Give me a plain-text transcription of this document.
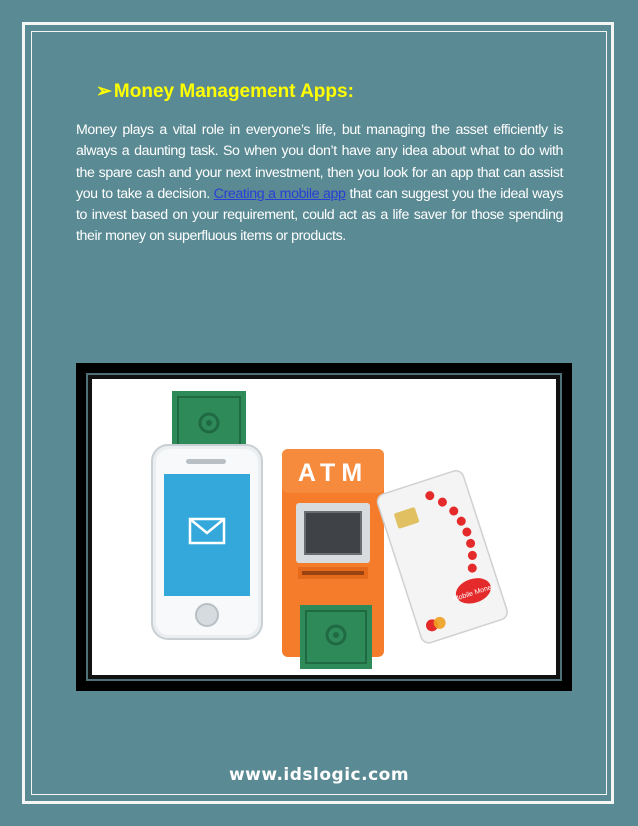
➢ Money Management Apps:
Money plays a vital role in everyone’s life, but managing the asset efficiently is always a daunting task. So when you don’t have any idea about what to do with the spare cash and your next investment, then you look for an app that can assist you to take a decision. Creating a mobile app that can suggest you the ideal ways to invest based on your requirement, could act as a life saver for those spending their money on superfluous items or products.
ATM
Mobile Money
www.idslogic.com
